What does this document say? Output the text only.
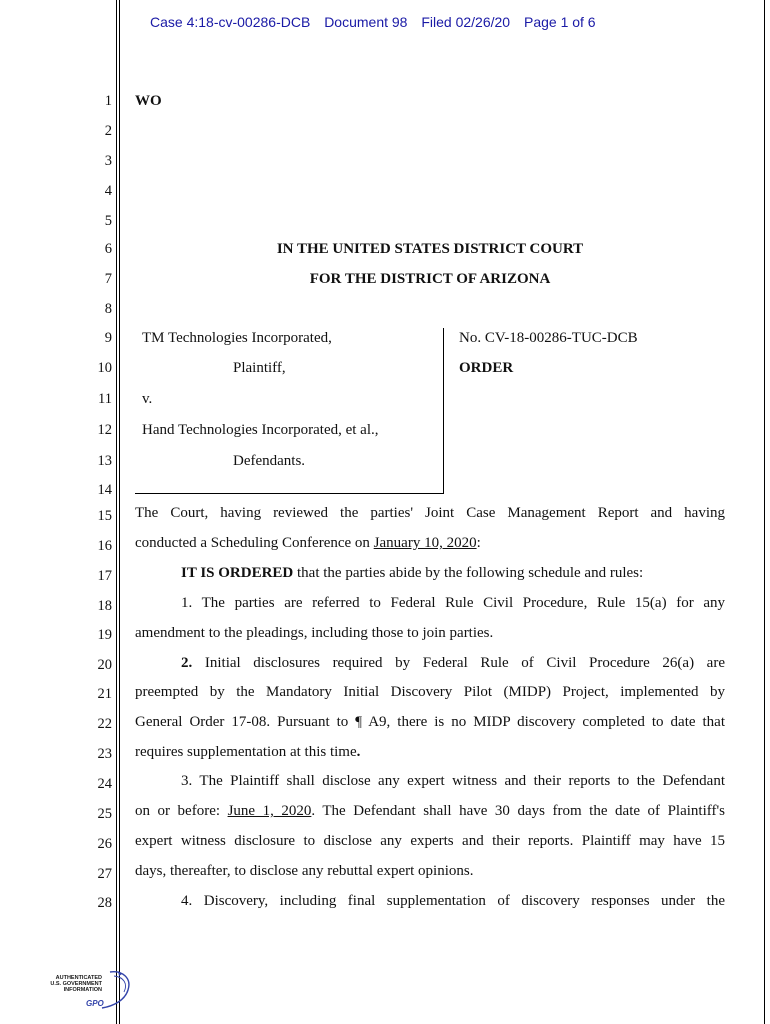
Case 4:18-cv-00286-DCB Document 98 Filed 02/26/20 Page 1 of 6
1
2
3
4
5
6
7
8
9
10
11
12
13
14
15
16
17
18
19
20
21
22
23
24
25
26
27
28
WO
IN THE UNITED STATES DISTRICT COURT
FOR THE DISTRICT OF ARIZONA
TM Technologies Incorporated,
Plaintiff,
v.
Hand Technologies Incorporated, et al.,
Defendants.
No. CV-18-00286-TUC-DCB
ORDER
The Court, having reviewed the parties' Joint Case Management Report and having
conducted a Scheduling Conference on January 10, 2020:
IT IS ORDERED that the parties abide by the following schedule and rules:
1. The parties are referred to Federal Rule Civil Procedure, Rule 15(a) for any
amendment to the pleadings, including those to join parties.
2. Initial disclosures required by Federal Rule of Civil Procedure 26(a) are
preempted by the Mandatory Initial Discovery Pilot (MIDP) Project, implemented by
General Order 17-08. Pursuant to ¶ A9, there is no MIDP discovery completed to date that
requires supplementation at this time.
3. The Plaintiff shall disclose any expert witness and their reports to the Defendant
on or before: June 1, 2020. The Defendant shall have 30 days from the date of Plaintiff's
expert witness disclosure to disclose any experts and their reports. Plaintiff may have 15
days, thereafter, to disclose any rebuttal expert opinions.
4. Discovery, including final supplementation of discovery responses under the
AUTHENTICATED
U.S. GOVERNMENT
INFORMATION
GPO
